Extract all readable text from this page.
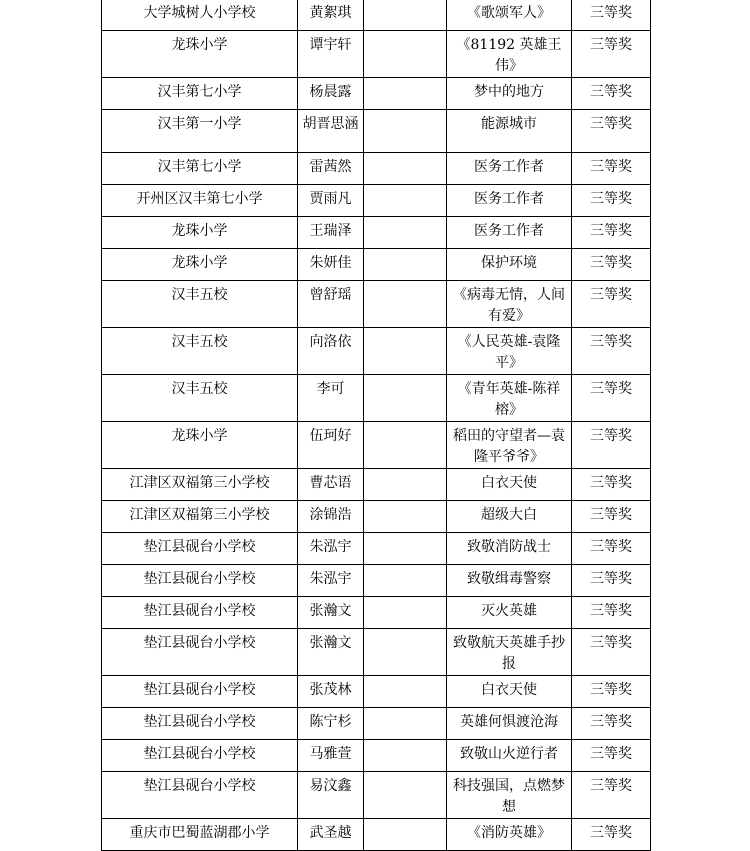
大学城树人小学校	黄絮琪		《歌颂军人》	三等奖
龙珠小学	谭宇轩		《81192 英雄王伟》	三等奖
汉丰第七小学	杨晨露		梦中的地方	三等奖
汉丰第一小学	胡晋思涵		能源城市	三等奖
汉丰第七小学	雷茜然		医务工作者	三等奖
开州区汉丰第七小学	贾雨凡		医务工作者	三等奖
龙珠小学	王瑞泽		医务工作者	三等奖
龙珠小学	朱妍佳		保护环境	三等奖
汉丰五校	曾舒瑶		《病毒无情，人间有爱》	三等奖
汉丰五校	向洛依		《人民英雄-袁隆平》	三等奖
汉丰五校	李可		《青年英雄-陈祥榕》	三等奖
龙珠小学	伍珂好		稻田的守望者—袁隆平爷爷》	三等奖
江津区双福第三小学校	曹芯语		白衣天使	三等奖
江津区双福第三小学校	涂锦浩		超级大白	三等奖
垫江县砚台小学校	朱泓宇		致敬消防战士	三等奖
垫江县砚台小学校	朱泓宇		致敬缉毒警察	三等奖
垫江县砚台小学校	张瀚文		灭火英雄	三等奖
垫江县砚台小学校	张瀚文		致敬航天英雄手抄报	三等奖
垫江县砚台小学校	张茂林		白衣天使	三等奖
垫江县砚台小学校	陈宁杉		英雄何惧渡沧海	三等奖
垫江县砚台小学校	马雅萱		致敬山火逆行者	三等奖
垫江县砚台小学校	易汶鑫		科技强国，点燃梦想	三等奖
重庆市巴蜀蓝湖郡小学	武圣越		《消防英雄》	三等奖
